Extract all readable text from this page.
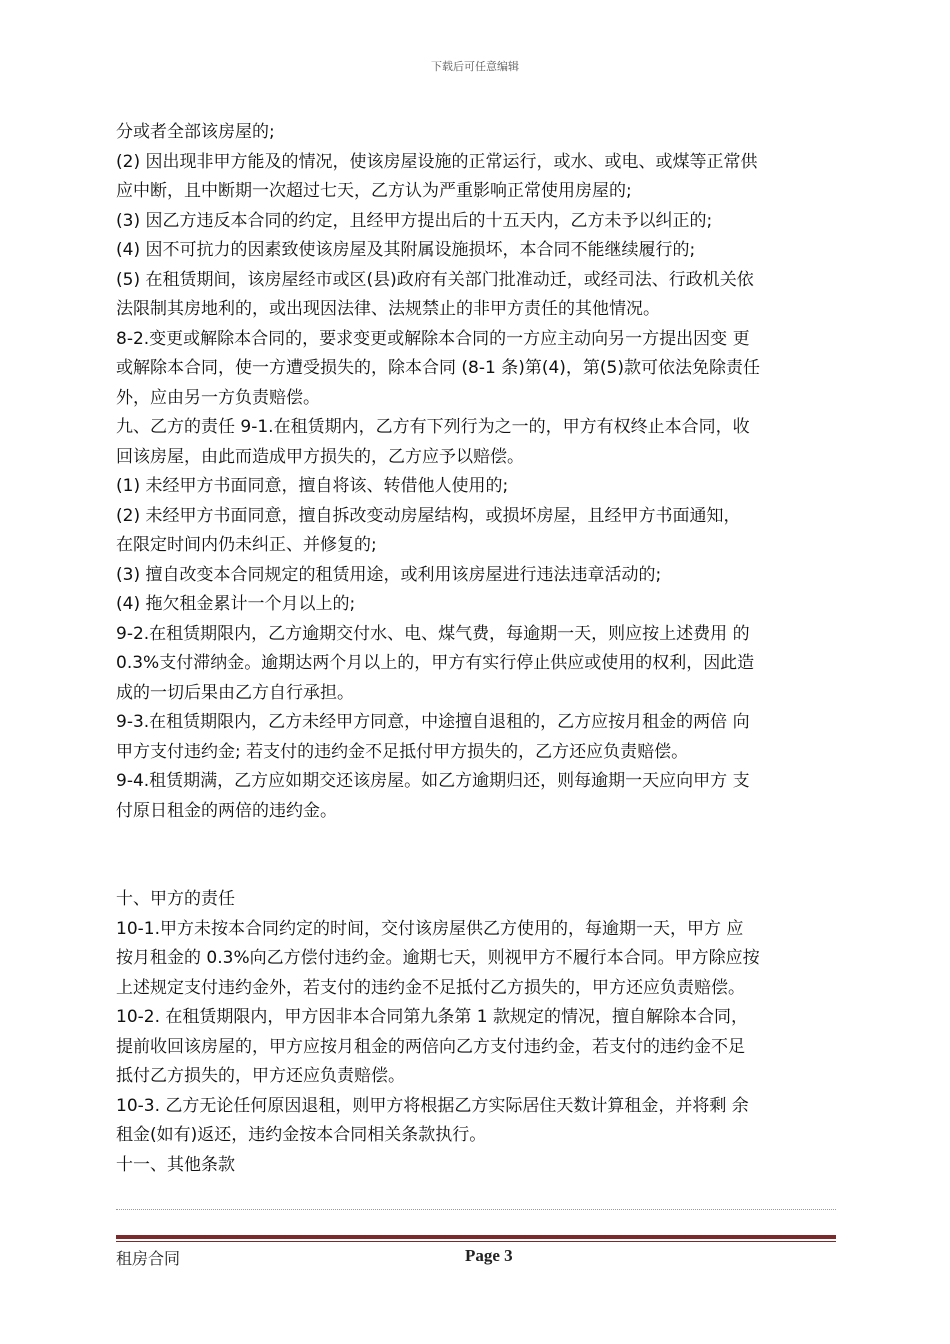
下载后可任意编辑
分或者全部该房屋的;
(2) 因出现非甲方能及的情况，使该房屋设施的正常运行，或水、或电、或煤等正常供
应中断，且中断期一次超过七天，乙方认为严重影响正常使用房屋的;
(3) 因乙方违反本合同的约定，且经甲方提出后的十五天内，乙方未予以纠正的;
(4) 因不可抗力的因素致使该房屋及其附属设施损坏，本合同不能继续履行的;
(5) 在租赁期间，该房屋经市或区(县)政府有关部门批准动迁，或经司法、行政机关依
法限制其房地利的，或出现因法律、法规禁止的非甲方责任的其他情况。
8-2.变更或解除本合同的，要求变更或解除本合同的一方应主动向另一方提出因变 更
或解除本合同，使一方遭受损失的，除本合同 (8-1 条)第(4)，第(5)款可依法免除责任
外，应由另一方负责赔偿。
九、乙方的责任 9-1.在租赁期内，乙方有下列行为之一的，甲方有权终止本合同，收
回该房屋，由此而造成甲方损失的，乙方应予以赔偿。
(1) 未经甲方书面同意，擅自将该、转借他人使用的;
(2) 未经甲方书面同意，擅自拆改变动房屋结构，或损坏房屋，且经甲方书面通知，
在限定时间内仍未纠正、并修复的;
(3) 擅自改变本合同规定的租赁用途，或利用该房屋进行违法违章活动的;
(4) 拖欠租金累计一个月以上的;
9-2.在租赁期限内，乙方逾期交付水、电、煤气费，每逾期一天，则应按上述费用 的
0.3%支付滞纳金。逾期达两个月以上的，甲方有实行停止供应或使用的权利，因此造
成的一切后果由乙方自行承担。
9-3.在租赁期限内，乙方未经甲方同意，中途擅自退租的，乙方应按月租金的两倍 向
甲方支付违约金; 若支付的违约金不足抵付甲方损失的，乙方还应负责赔偿。
9-4.租赁期满，乙方应如期交还该房屋。如乙方逾期归还，则每逾期一天应向甲方 支
付原日租金的两倍的违约金。
十、甲方的责任
10-1.甲方未按本合同约定的时间，交付该房屋供乙方使用的，每逾期一天，甲方 应
按月租金的 0.3%向乙方偿付违约金。逾期七天，则视甲方不履行本合同。甲方除应按
上述规定支付违约金外，若支付的违约金不足抵付乙方损失的，甲方还应负责赔偿。
10-2. 在租赁期限内，甲方因非本合同第九条第 1 款规定的情况，擅自解除本合同，
提前收回该房屋的，甲方应按月租金的两倍向乙方支付违约金，若支付的违约金不足
抵付乙方损失的，甲方还应负责赔偿。
10-3. 乙方无论任何原因退租，则甲方将根据乙方实际居住天数计算租金，并将剩 余
租金(如有)返还，违约金按本合同相关条款执行。
十一、其他条款
租房合同	Page 3
